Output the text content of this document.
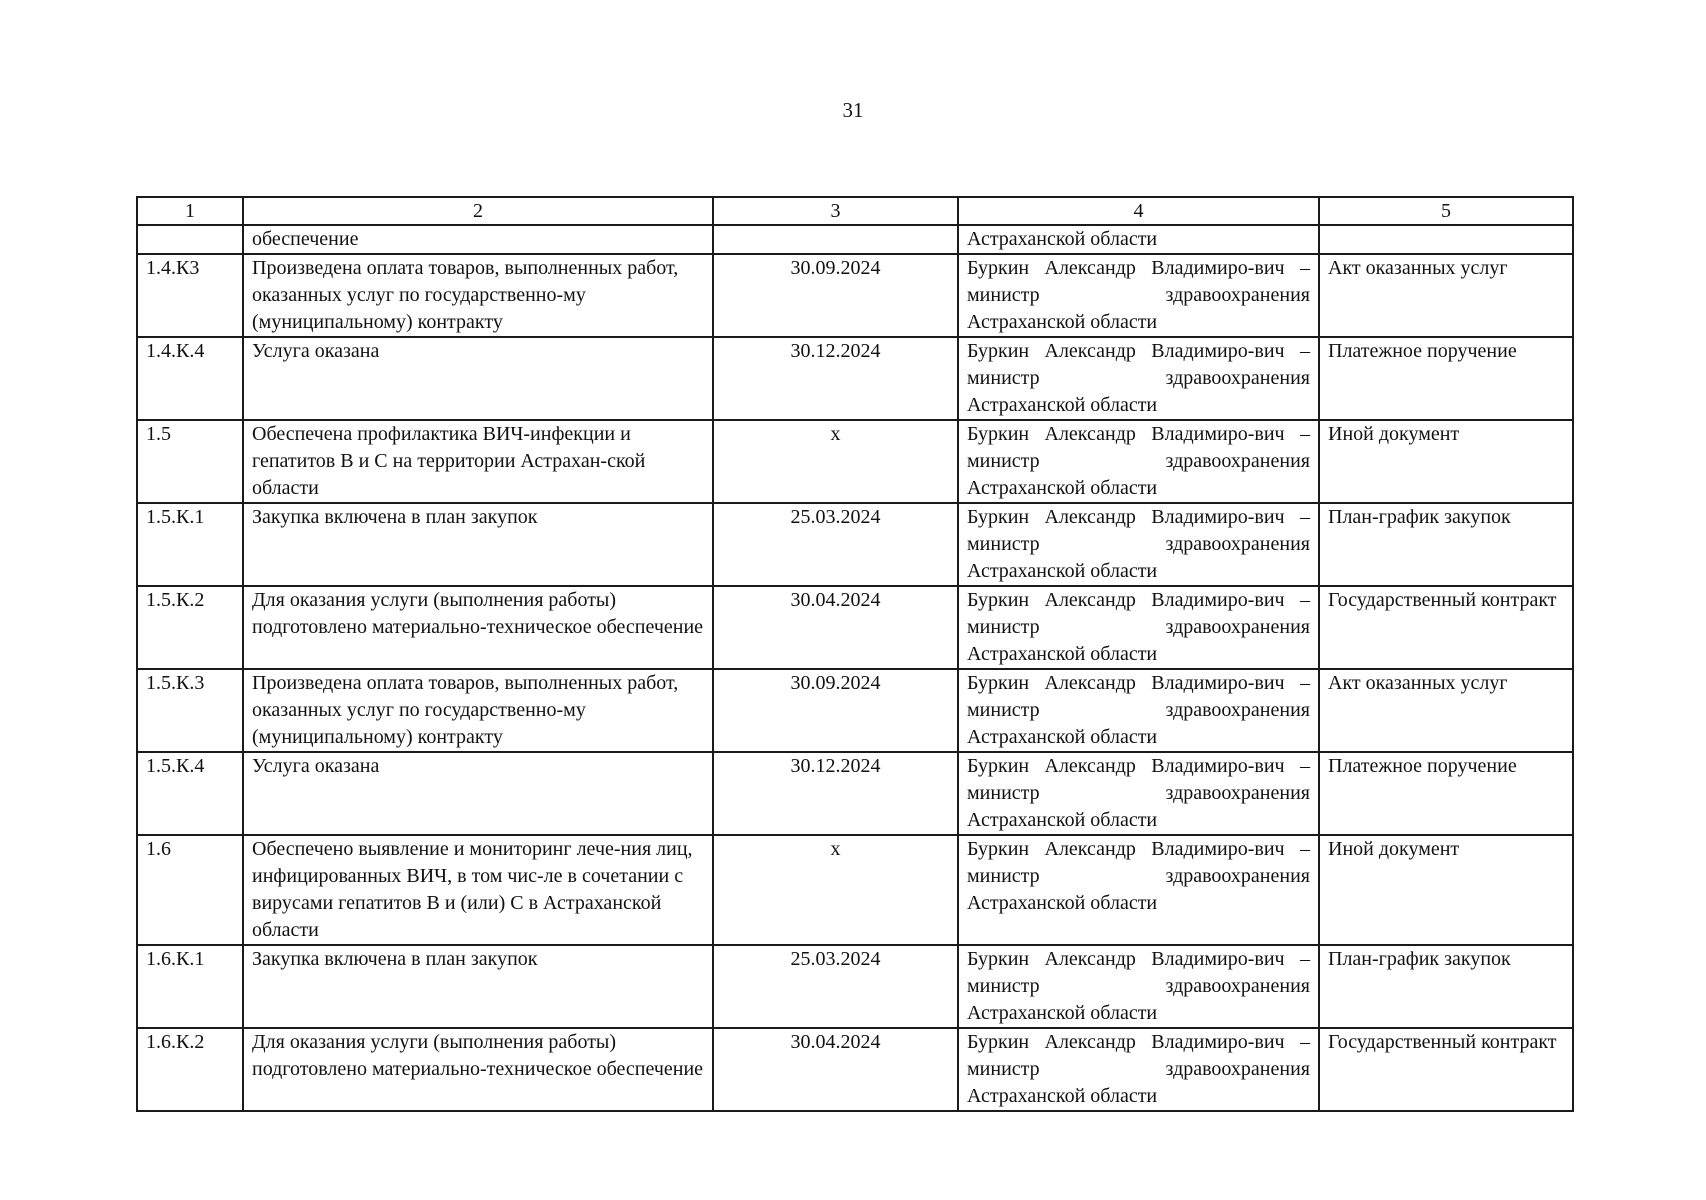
31
1	2	3	4	5
	обеспечение		Астраханской области	
1.4.К3	Произведена оплата товаров, выполненных работ, оказанных услуг по государственно-му (муниципальному) контракту	30.09.2024	Буркин Александр Владимиро-вич – министр здравоохранения Астраханской области	Акт оказанных услуг
1.4.К.4	Услуга оказана	30.12.2024	Буркин Александр Владимиро-вич – министр здравоохранения Астраханской области	Платежное поручение
1.5	Обеспечена профилактика ВИЧ-инфекции и гепатитов В и С на территории Астрахан-ской области	х	Буркин Александр Владимиро-вич – министр здравоохранения Астраханской области	Иной документ
1.5.К.1	Закупка включена в план закупок	25.03.2024	Буркин Александр Владимиро-вич – министр здравоохранения Астраханской области	План-график закупок
1.5.К.2	Для оказания услуги (выполнения работы) подготовлено материально-техническое обеспечение	30.04.2024	Буркин Александр Владимиро-вич – министр здравоохранения Астраханской области	Государственный контракт
1.5.К.3	Произведена оплата товаров, выполненных работ, оказанных услуг по государственно-му (муниципальному) контракту	30.09.2024	Буркин Александр Владимиро-вич – министр здравоохранения Астраханской области	Акт оказанных услуг
1.5.К.4	Услуга оказана	30.12.2024	Буркин Александр Владимиро-вич – министр здравоохранения Астраханской области	Платежное поручение
1.6	Обеспечено выявление и мониторинг лече-ния лиц, инфицированных ВИЧ, в том чис-ле в сочетании с вирусами гепатитов В и (или) С в Астраханской области	х	Буркин Александр Владимиро-вич – министр здравоохранения Астраханской области	Иной документ
1.6.К.1	Закупка включена в план закупок	25.03.2024	Буркин Александр Владимиро-вич – министр здравоохранения Астраханской области	План-график закупок
1.6.К.2	Для оказания услуги (выполнения работы) подготовлено материально-техническое обеспечение	30.04.2024	Буркин Александр Владимиро-вич – министр здравоохранения Астраханской области	Государственный контракт
